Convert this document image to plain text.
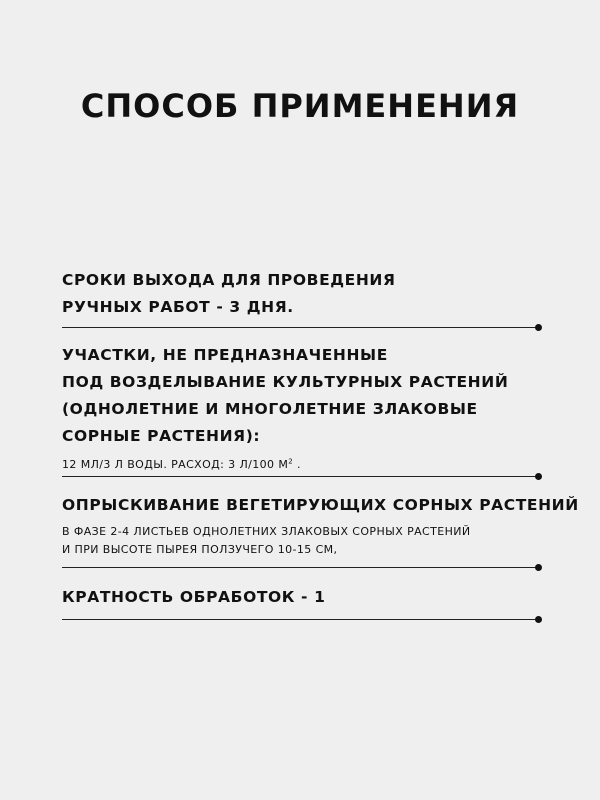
СПОСОБ ПРИМЕНЕНИЯ
СРОКИ ВЫХОДА ДЛЯ ПРОВЕДЕНИЯ
РУЧНЫХ РАБОТ - 3 ДНЯ.
УЧАСТКИ, НЕ ПРЕДНАЗНАЧЕННЫЕ
ПОД ВОЗДЕЛЫВАНИЕ КУЛЬТУРНЫХ РАСТЕНИЙ
(ОДНОЛЕТНИЕ И МНОГОЛЕТНИЕ ЗЛАКОВЫЕ
СОРНЫЕ РАСТЕНИЯ):
12 МЛ/3 Л ВОДЫ. РАСХОД: 3 Л/100 $М^2$ .
ОПРЫСКИВАНИЕ ВЕГЕТИРУЮЩИХ СОРНЫХ РАСТЕНИЙ
В ФАЗЕ 2-4 ЛИСТЬЕВ ОДНОЛЕТНИХ ЗЛАКОВЫХ СОРНЫХ РАСТЕНИЙ
И ПРИ ВЫСОТЕ ПЫРЕЯ ПОЛЗУЧЕГО 10-15 СМ,
КРАТНОСТЬ ОБРАБОТОК - 1
